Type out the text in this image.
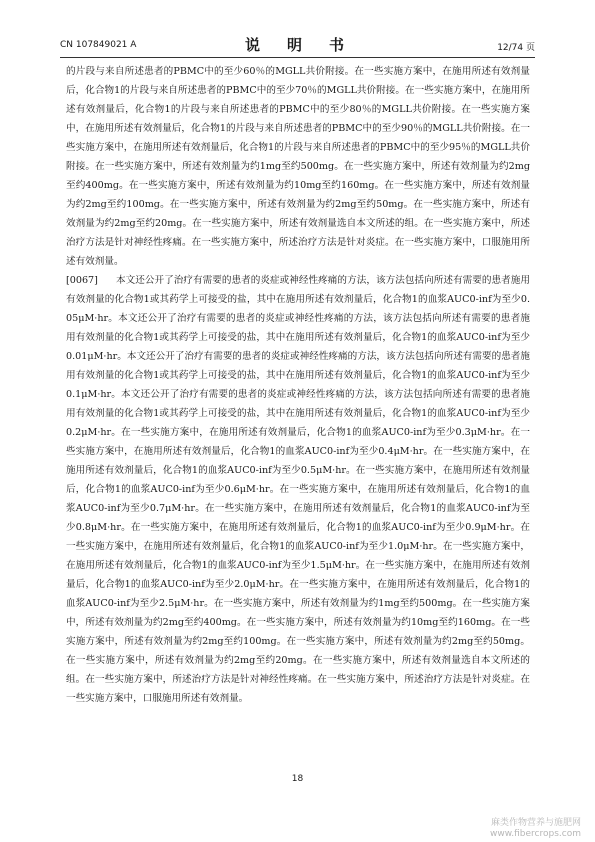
CN 107849021 A	说　明　书	12/74 页

的片段与来自所述患者的PBMC中的至少60％的MGLL共价附接。在一些实施方案中，在施用所述有效剂量后，化合物1的片段与来自所述患者的PBMC中的至少70％的MGLL共价附接。在一些实施方案中，在施用所述有效剂量后，化合物1的片段与来自所述患者的PBMC中的至少80％的MGLL共价附接。在一些实施方案中，在施用所述有效剂量后，化合物1的片段与来自所述患者的PBMC中的至少90％的MGLL共价附接。在一些实施方案中，在施用所述有效剂量后，化合物1的片段与来自所述患者的PBMC中的至少95％的MGLL共价附接。在一些实施方案中，所述有效剂量为约1mg至约500mg。在一些实施方案中，所述有效剂量为约2mg至约400mg。在一些实施方案中，所述有效剂量为约10mg至约160mg。在一些实施方案中，所述有效剂量为约2mg至约100mg。在一些实施方案中，所述有效剂量为约2mg至约50mg。在一些实施方案中，所述有效剂量为约2mg至约20mg。在一些实施方案中，所述有效剂量选自本文所述的组。在一些实施方案中，所述治疗方法是针对神经性疼痛。在一些实施方案中，所述治疗方法是针对炎症。在一些实施方案中，口服施用所述有效剂量。

[0067] 本文还公开了治疗有需要的患者的炎症或神经性疼痛的方法，该方法包括向所述有需要的患者施用有效剂量的化合物1或其药学上可接受的盐，其中在施用所述有效剂量后，化合物1的血浆AUC0-inf为至少0.05μM·hr。本文还公开了治疗有需要的患者的炎症或神经性疼痛的方法，该方法包括向所述有需要的患者施用有效剂量的化合物1或其药学上可接受的盐，其中在施用所述有效剂量后，化合物1的血浆AUC0-inf为至少0.01μM·hr。本文还公开了治疗有需要的患者的炎症或神经性疼痛的方法，该方法包括向所述有需要的患者施用有效剂量的化合物1或其药学上可接受的盐，其中在施用所述有效剂量后，化合物1的血浆AUC0-inf为至少0.1μM·hr。本文还公开了治疗有需要的患者的炎症或神经性疼痛的方法，该方法包括向所述有需要的患者施用有效剂量的化合物1或其药学上可接受的盐，其中在施用所述有效剂量后，化合物1的血浆AUC0-inf为至少0.2μM·hr。在一些实施方案中，在施用所述有效剂量后，化合物1的血浆AUC0-inf为至少0.3μM·hr。在一些实施方案中，在施用所述有效剂量后，化合物1的血浆AUC0-inf为至少0.4μM·hr。在一些实施方案中，在施用所述有效剂量后，化合物1的血浆AUC0-inf为至少0.5μM·hr。在一些实施方案中，在施用所述有效剂量后，化合物1的血浆AUC0-inf为至少0.6μM·hr。在一些实施方案中，在施用所述有效剂量后，化合物1的血浆AUC0-inf为至少0.7μM·hr。在一些实施方案中，在施用所述有效剂量后，化合物1的血浆AUC0-inf为至少0.8μM·hr。在一些实施方案中，在施用所述有效剂量后，化合物1的血浆AUC0-inf为至少0.9μM·hr。在一些实施方案中，在施用所述有效剂量后，化合物1的血浆AUC0-inf为至少1.0μM·hr。在一些实施方案中，在施用所述有效剂量后，化合物1的血浆AUC0-inf为至少1.5μM·hr。在一些实施方案中，在施用所述有效剂量后，化合物1的血浆AUC0-inf为至少2.0μM·hr。在一些实施方案中，在施用所述有效剂量后，化合物1的血浆AUC0-inf为至少2.5μM·hr。在一些实施方案中，所述有效剂量为约1mg至约500mg。在一些实施方案中，所述有效剂量为约2mg至约400mg。在一些实施方案中，所述有效剂量为约10mg至约160mg。在一些实施方案中，所述有效剂量为约2mg至约100mg。在一些实施方案中，所述有效剂量为约2mg至约50mg。在一些实施方案中，所述有效剂量为约2mg至约20mg。在一些实施方案中，所述有效剂量选自本文所述的组。在一些实施方案中，所述治疗方法是针对神经性疼痛。在一些实施方案中，所述治疗方法是针对炎症。在一些实施方案中，口服施用所述有效剂量。

18
麻类作物营养与施肥网
www.fibercrops.com
